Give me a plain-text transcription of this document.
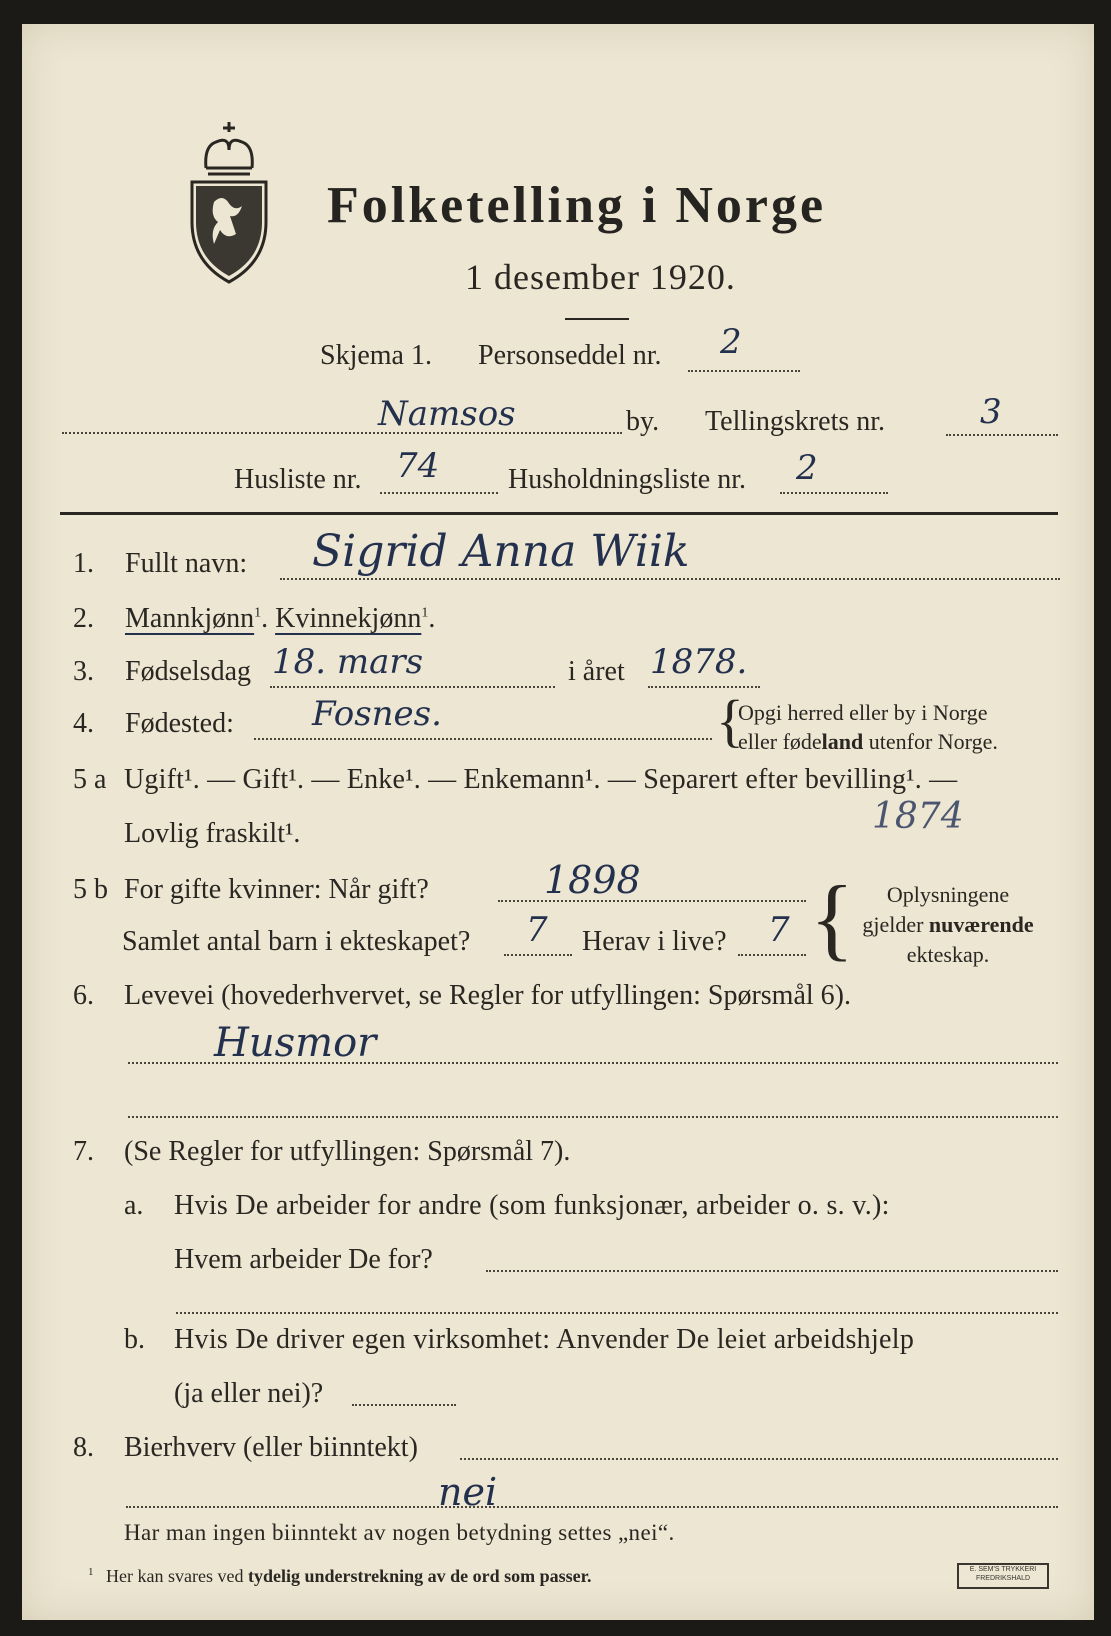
Folketelling i Norge
1 desember 1920.
Skjema 1. Personseddel nr. 2
Namsos	by. Tellingskrets nr.	3
Husliste nr. 74 Husholdningsliste nr. 2
1. Fullt navn: Sigrid Anna Wiik
2. Mannkjønn$^1$. Kvinnekjønn$^1$.
3. Fødselsdag 18. mars	i året 1878.
4. Fødested: Fosnes.	{
Opgi herred eller by i Norge
eller fødeland utenfor Norge.
5 a Ugift¹. — Gift¹. — Enke¹. — Enkemann¹. — Separert efter bevilling¹. —
Lovlig fraskilt¹.	1874
5 b For gifte kvinner: Når gift?	1898
Samlet antal barn i ekteskapet? 7 Herav i live? 7 {	Oplysningene
gjelder nuværende
ekteskap.
6. Levevei (hovederhvervet, se Regler for utfyllingen: Spørsmål 6).
Husmor
7. (Se Regler for utfyllingen: Spørsmål 7).
a. Hvis De arbeider for andre (som funksjonær, arbeider o. s. v.):
Hvem arbeider De for?
b. Hvis De driver egen virksomhet: Anvender De leiet arbeidshjelp
(ja eller nei)?
8. Bierhverv (eller biinntekt)
nei
Har man ingen biinntekt av nogen betydning settes „nei“.
$^1$ Her kan svares ved tydelig understrekning av de ord som passer.	E. SEM'S TRYKKERI
FREDRIKSHALD
